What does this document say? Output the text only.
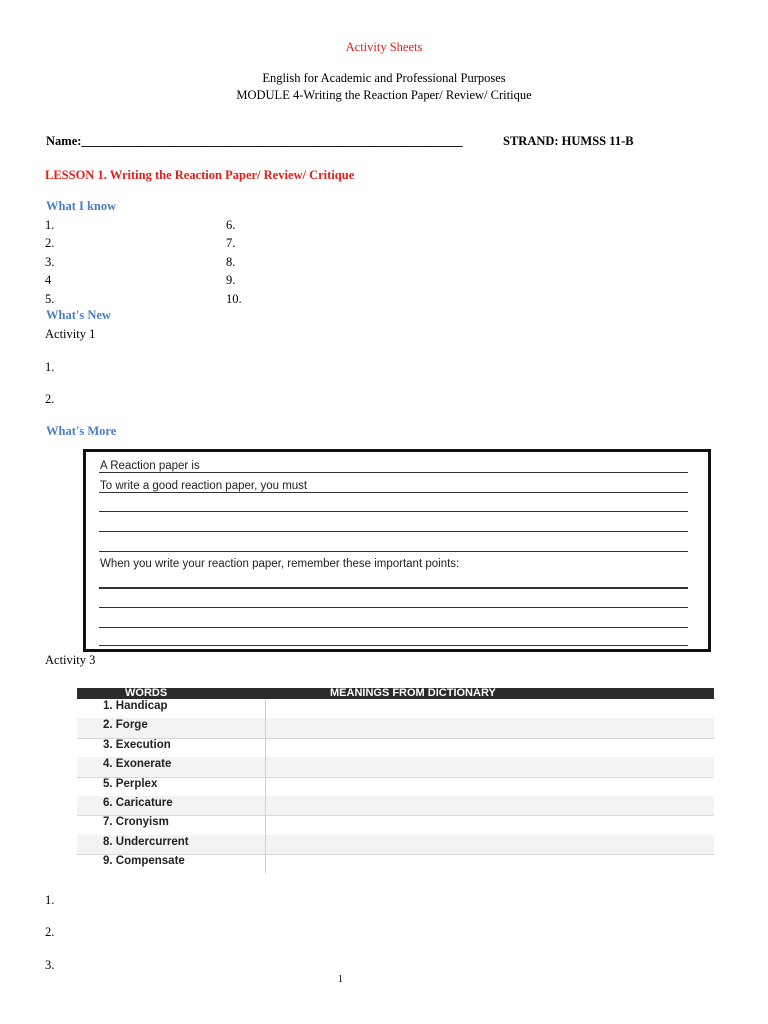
Activity Sheets
English for Academic and Professional Purposes
MODULE 4-Writing the Reaction Paper/ Review/ Critique
Name:_____________________________________________________________	STRAND: HUMSS 11-B
LESSON 1. Writing the Reaction Paper/ Review/ Critique
What I know
1.
2.
3.
4
5.
6.
7.
8.
9.
10.
What's New
Activity 1
1.
2.
What's More
A Reaction paper is
To write a good reaction paper, you must
When you write your reaction paper, remember these important points:
Activity 3
WORDS	MEANINGS FROM DICTIONARY
1. Handicap
2. Forge
3. Execution
4. Exonerate
5. Perplex
6. Caricature
7. Cronyism
8. Undercurrent
9. Compensate
1.
2.
3.
1
